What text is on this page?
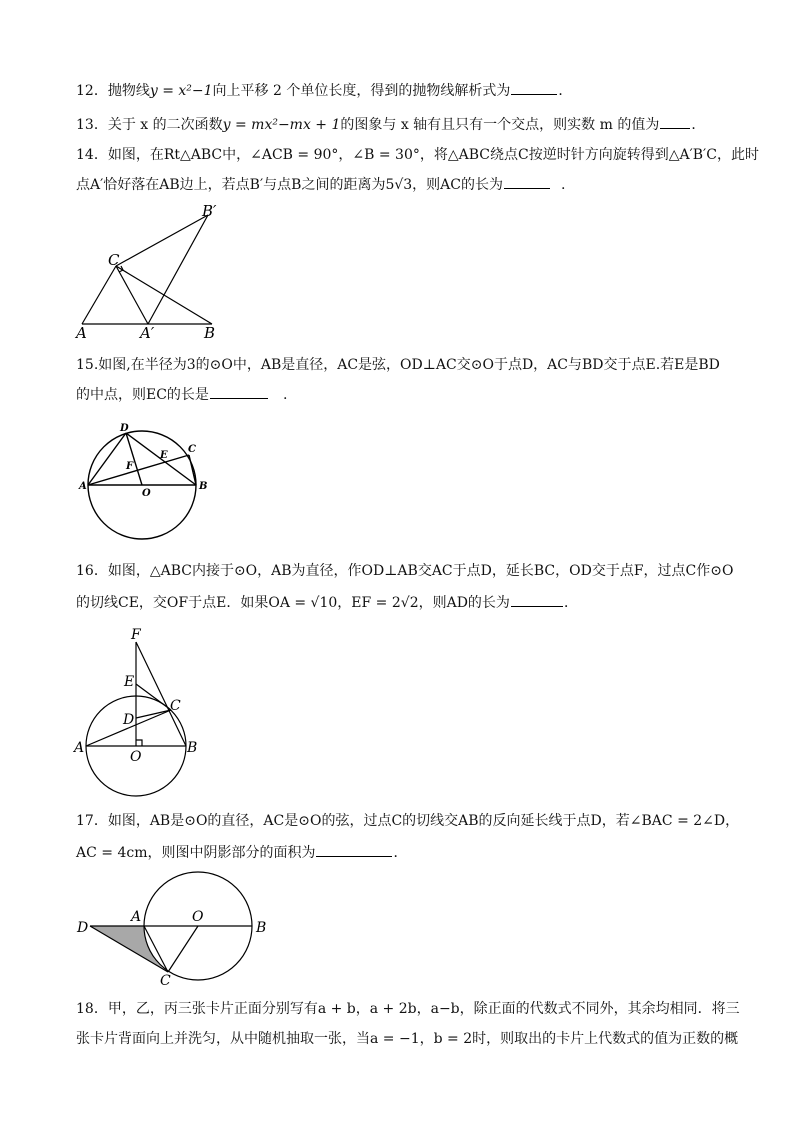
12．抛物线y = x²−1向上平移 2 个单位长度，得到的抛物线解析式为	．
13．关于 x 的二次函数y = mx²−mx + 1的图象与 x 轴有且只有一个交点，则实数 m 的值为 ．
14．如图，在Rt△ABC中，∠ACB = 90°，∠B = 30°，将△ABC绕点C按逆时针方向旋转得到△A′B′C，此时
点A′恰好落在AB边上，若点B′与点B之间的距离为5√3，则AC的长为	.
B′
C
A	A′	B
15.如图,在半径为3的⊙O中，AB是直径，AC是弦，OD⊥AC交⊙O于点D，AC与BD交于点E.若E是BD
的中点，则EC的长是	.
D
C
E
F
A
O
B
16．如图，△ABC内接于⊙O，AB为直径，作OD⊥AB交AC于点D，延长BC，OD交于点F，过点C作⊙O
的切线CE，交OF于点E．如果OA = √10，EF = 2√2，则AD的长为	．
F
E
C
D
A	B
O
17．如图，AB是⊙O的直径，AC是⊙O的弦，过点C的切线交AB的反向延长线于点D，若∠BAC = 2∠D，
AC = 4cm，则图中阴影部分的面积为	．
D
A	O
B
C
18．甲，乙，丙三张卡片正面分别写有a + b，a + 2b，a−b，除正面的代数式不同外，其余均相同．将三
张卡片背面向上并洗匀，从中随机抽取一张，当a = −1，b = 2时，则取出的卡片上代数式的值为正数的概
